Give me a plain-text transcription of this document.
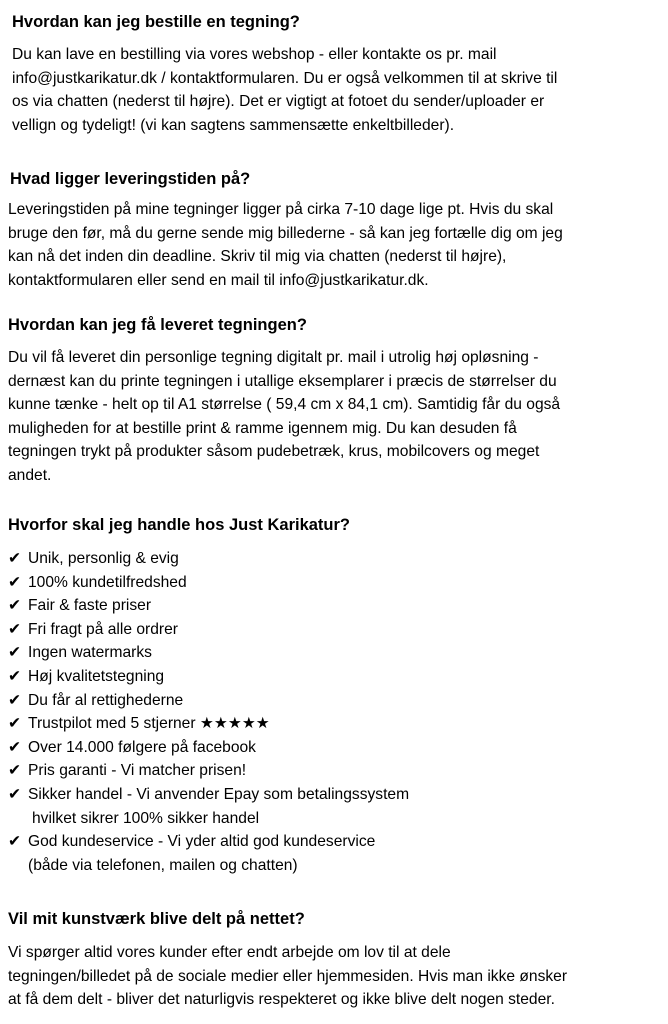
Hvordan kan jeg bestille en tegning?
Du kan lave en bestilling via vores webshop - eller kontakte os pr. mail
info@justkarikatur.dk / kontaktformularen. Du er også velkommen til at skrive til
os via chatten (nederst til højre). Det er vigtigt at fotoet du sender/uploader er
vellign og tydeligt! (vi kan sagtens sammensætte enkeltbilleder).
Hvad ligger leveringstiden på?
Leveringstiden på mine tegninger ligger på cirka 7-10 dage lige pt. Hvis du skal
bruge den før, må du gerne sende mig billederne - så kan jeg fortælle dig om jeg
kan nå det inden din deadline. Skriv til mig via chatten (nederst til højre),
kontaktformularen eller send en mail til info@justkarikatur.dk.
Hvordan kan jeg få leveret tegningen?
Du vil få leveret din personlige tegning digitalt pr. mail i utrolig høj opløsning -
dernæst kan du printe tegningen i utallige eksemplarer i præcis de størrelser du
kunne tænke - helt op til A1 størrelse ( 59,4 cm x 84,1 cm). Samtidig får du også
muligheden for at bestille print & ramme igennem mig. Du kan desuden få
tegningen trykt på produkter såsom pudebetræk, krus, mobilcovers og meget
andet.
Hvorfor skal jeg handle hos Just Karikatur?
✔ Unik, personlig & evig
✔ 100% kundetilfredshed
✔ Fair & faste priser
✔ Fri fragt på alle ordrer
✔ Ingen watermarks
✔ Høj kvalitetstegning
✔ Du får al rettighederne
✔ Trustpilot med 5 stjerner ★★★★★
✔ Over 14.000 følgere på facebook
✔ Pris garanti - Vi matcher prisen!
✔ Sikker handel - Vi anvender Epay som betalingssystem
hvilket sikrer 100% sikker handel
✔ God kundeservice - Vi yder altid god kundeservice
(både via telefonen, mailen og chatten)
Vil mit kunstværk blive delt på nettet?
Vi spørger altid vores kunder efter endt arbejde om lov til at dele
tegningen/billedet på de sociale medier eller hjemmesiden. Hvis man ikke ønsker
at få dem delt - bliver det naturligvis respekteret og ikke blive delt nogen steder.
